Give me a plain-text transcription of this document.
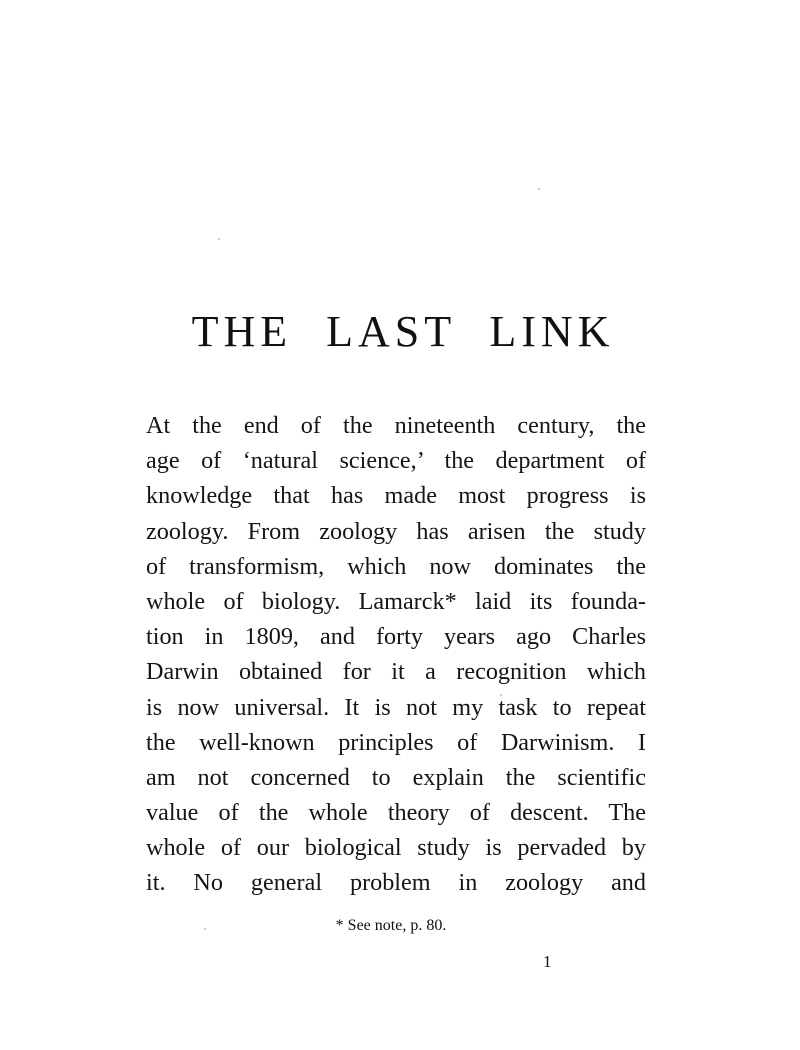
THE LAST LINK
At the end of the nineteenth century, the
age of ‘natural science,’ the department of
knowledge that has made most progress is
zoology. From zoology has arisen the study
of transformism, which now dominates the
whole of biology. Lamarck* laid its founda-
tion in 1809, and forty years ago Charles
Darwin obtained for it a recognition which
is now universal. It is not my task to repeat
the well-known principles of Darwinism. I
am not concerned to explain the scientific
value of the whole theory of descent. The
whole of our biological study is pervaded by
it. No general problem in zoology and
* See note, p. 80.
1
